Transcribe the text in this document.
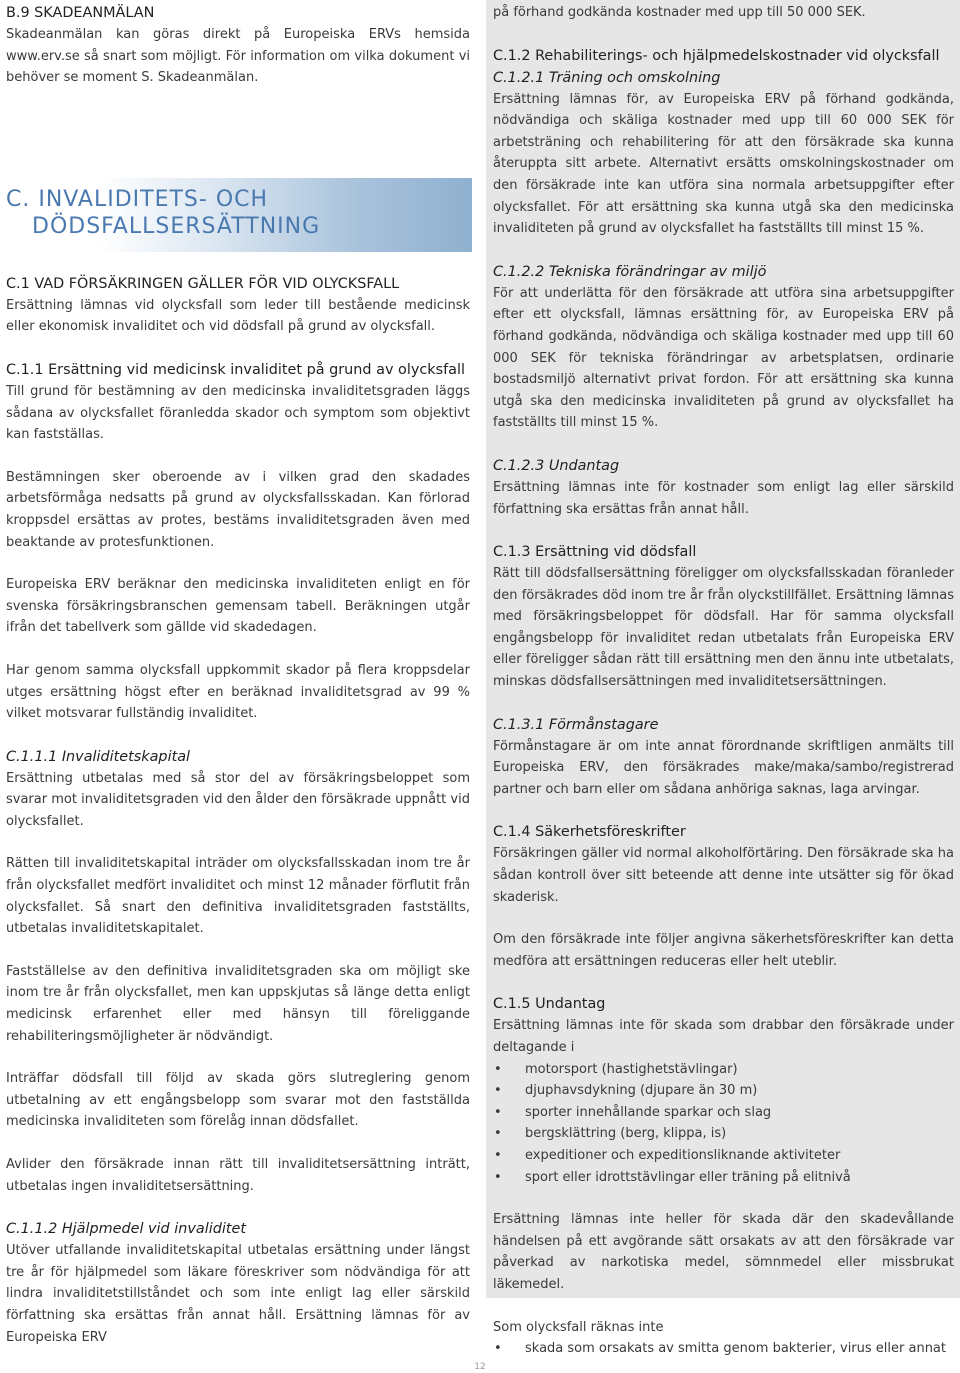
B.9 SKADEANMÄLAN

Skadeanmälan kan göras direkt på Europeiska ERVs hemsida www.erv.se så snart som möjligt. För information om vilka dokument vi behöver se moment S. Skadeanmälan.

C. INVALIDITETS- OCH
DÖDSFALLSERSÄTTNING
C.1 VAD FÖRSÄKRINGEN GÄLLER FÖR VID OLYCKSFALL

Ersättning lämnas vid olycksfall som leder till bestående medicinsk eller ekonomisk invaliditet och vid dödsfall på grund av olycksfall.

C.1.1 Ersättning vid medicinsk invaliditet på grund av olycksfall

Till grund för bestämning av den medicinska invaliditetsgraden läggs sådana av olycksfallet föranledda skador och symptom som objektivt kan fastställas.

Bestämningen sker oberoende av i vilken grad den skadades arbetsförmåga nedsatts på grund av olycksfallsskadan. Kan förlorad kroppsdel ersättas av protes, bestäms invaliditetsgraden även med beaktande av protesfunktionen.

Europeiska ERV beräknar den medicinska invaliditeten enligt en för svenska försäkringsbranschen gemensam tabell. Beräkningen utgår ifrån det tabellverk som gällde vid skadedagen.

Har genom samma olycksfall uppkommit skador på flera kroppsdelar utges ersättning högst efter en beräknad invaliditetsgrad av 99 % vilket motsvarar fullständig invaliditet.

C.1.1.1 Invaliditetskapital

Ersättning utbetalas med så stor del av försäkringsbeloppet som svarar mot invaliditetsgraden vid den ålder den försäkrade uppnått vid olycksfallet.

Rätten till invaliditetskapital inträder om olycksfallsskadan inom tre år från olycksfallet medfört invaliditet och minst 12 månader förflutit från olycksfallet. Så snart den definitiva invaliditetsgraden fastställts, utbetalas invaliditetskapitalet.

Fastställelse av den definitiva invaliditetsgraden ska om möjligt ske inom tre år från olycksfallet, men kan uppskjutas så länge detta enligt medicinsk erfarenhet eller med hänsyn till föreliggande rehabiliteringsmöjligheter är nödvändigt.

Inträffar dödsfall till följd av skada görs slutreglering genom utbetalning av ett engångsbelopp som svarar mot den fastställda medicinska invaliditeten som förelåg innan dödsfallet.

Avlider den försäkrade innan rätt till invaliditetsersättning inträtt, utbetalas ingen invaliditetsersättning.

C.1.1.2 Hjälpmedel vid invaliditet

Utöver utfallande invaliditetskapital utbetalas ersättning under längst tre år för hjälpmedel som läkare föreskriver som nödvändiga för att lindra invaliditetstillståndet och som inte enligt lag eller särskild författning ska ersättas från annat håll. Ersättning lämnas för av Europeiska ERV

på förhand godkända kostnader med upp till 50 000 SEK.

C.1.2 Rehabiliterings- och hjälpmedelskostnader vid olycksfall
C.1.2.1 Träning och omskolning

Ersättning lämnas för, av Europeiska ERV på förhand godkända, nödvändiga och skäliga kostnader med upp till 60 000 SEK för arbetsträning och rehabilitering för att den försäkrade ska kunna återuppta sitt arbete. Alternativt ersätts omskolningskostnader om den försäkrade inte kan utföra sina normala arbetsuppgifter efter olycksfallet. För att ersättning ska kunna utgå ska den medicinska invaliditeten på grund av olycksfallet ha fastställts till minst 15 %.

C.1.2.2 Tekniska förändringar av miljö

För att underlätta för den försäkrade att utföra sina arbetsuppgifter efter ett olycksfall, lämnas ersättning för, av Europeiska ERV på förhand godkända, nödvändiga och skäliga kostnader med upp till 60 000 SEK för tekniska förändringar av arbetsplatsen, ordinarie bostadsmiljö alternativt privat fordon. För att ersättning ska kunna utgå ska den medicinska invaliditeten på grund av olycksfallet ha fastställts till minst 15 %.

C.1.2.3 Undantag

Ersättning lämnas inte för kostnader som enligt lag eller särskild författning ska ersättas från annat håll.

C.1.3 Ersättning vid dödsfall

Rätt till dödsfallsersättning föreligger om olycksfallsskadan föranleder den försäkrades död inom tre år från olyckstillfället. Ersättning lämnas med försäkringsbeloppet för dödsfall. Har för samma olycksfall engångsbelopp för invaliditet redan utbetalats från Europeiska ERV eller föreligger sådan rätt till ersättning men den ännu inte utbetalats, minskas dödsfallsersättningen med invaliditetsersättningen.

C.1.3.1 Förmånstagare

Förmånstagare är om inte annat förordnande skriftligen anmälts till Europeiska ERV, den försäkrades make/maka/sambo/registrerad partner och barn eller om sådana anhöriga saknas, laga arvingar.

C.1.4 Säkerhetsföreskrifter

Försäkringen gäller vid normal alkoholförtäring. Den försäkrade ska ha sådan kontroll över sitt beteende att denne inte utsätter sig för ökad skaderisk.

Om den försäkrade inte följer angivna säkerhetsföreskrifter kan detta medföra att ersättningen reduceras eller helt uteblir.

C.1.5 Undantag

Ersättning lämnas inte för skada som drabbar den försäkrade under deltagande i

• motorsport (hastighetstävlingar)
• djuphavsdykning (djupare än 30 m)
• sporter innehållande sparkar och slag
• bergsklättring (berg, klippa, is)
• expeditioner och expeditionsliknande aktiviteter
• sport eller idrottstävlingar eller träning på elitnivå

Ersättning lämnas inte heller för skada där den skadevållande händelsen på ett avgörande sätt orsakats av att den försäkrade var påverkad av narkotiska medel, sömnmedel eller missbrukat läkemedel.

Som olycksfall räknas inte

• skada som orsakats av smitta genom bakterier, virus eller annat
12
